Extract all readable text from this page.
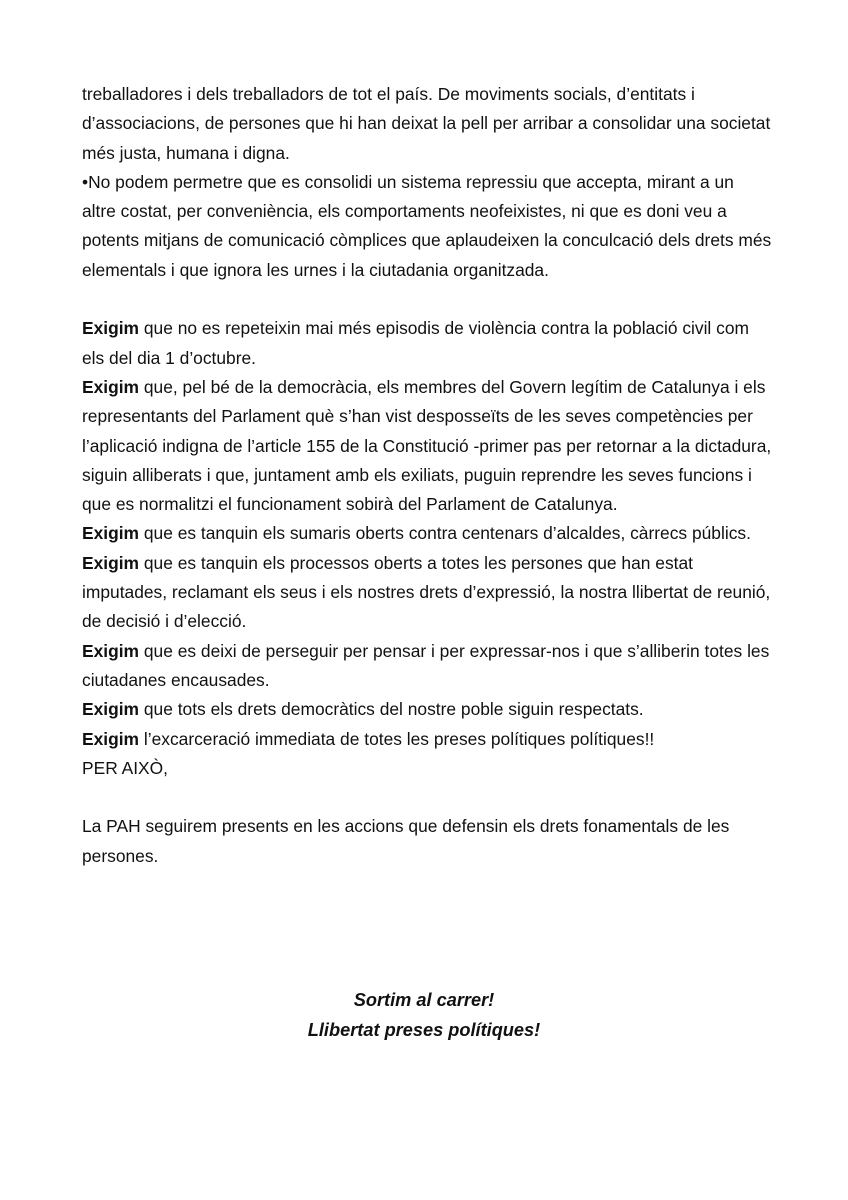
treballadores i dels treballadors de tot el país. De moviments socials, d’entitats i d’associacions, de persones que hi han deixat la pell per arribar a consolidar una societat més justa, humana i digna.

•No podem permetre que es consolidi un sistema repressiu que accepta, mirant a un altre costat, per conveniència, els comportaments neofeixistes, ni que es doni veu a potents mitjans de comunicació còmplices que aplaudeixen la conculcació dels drets més elementals i que ignora les urnes i la ciutadania organitzada.

Exigim que no es repeteixin mai més episodis de violència contra la població civil com els del dia 1 d’octubre.

Exigim que, pel bé de la democràcia, els membres del Govern legítim de Catalunya i els representants del Parlament què s’han vist desposseïts de les seves competències per l’aplicació indigna de l’article 155 de la Constitució -primer pas per retornar a la dictadura, siguin alliberats i que, juntament amb els exiliats, puguin reprendre les seves funcions i que es normalitzi el funcionament sobirà del Parlament de Catalunya.

Exigim que es tanquin els sumaris oberts contra centenars d’alcaldes, càrrecs públics.

Exigim que es tanquin els processos oberts a totes les persones que han estat imputades, reclamant els seus i els nostres drets d’expressió, la nostra llibertat de reunió, de decisió i d’elecció.

Exigim que es deixi de perseguir per pensar i per expressar-nos i que s’alliberin totes les ciutadanes encausades.

Exigim que tots els drets democràtics del nostre poble siguin respectats.

Exigim l’excarceració immediata de totes les preses polítiques polítiques!!

PER AIXÒ,

La PAH seguirem presents en les accions que defensin els drets fonamentals de les persones.

Sortim al carrer!
Llibertat preses polítiques!
